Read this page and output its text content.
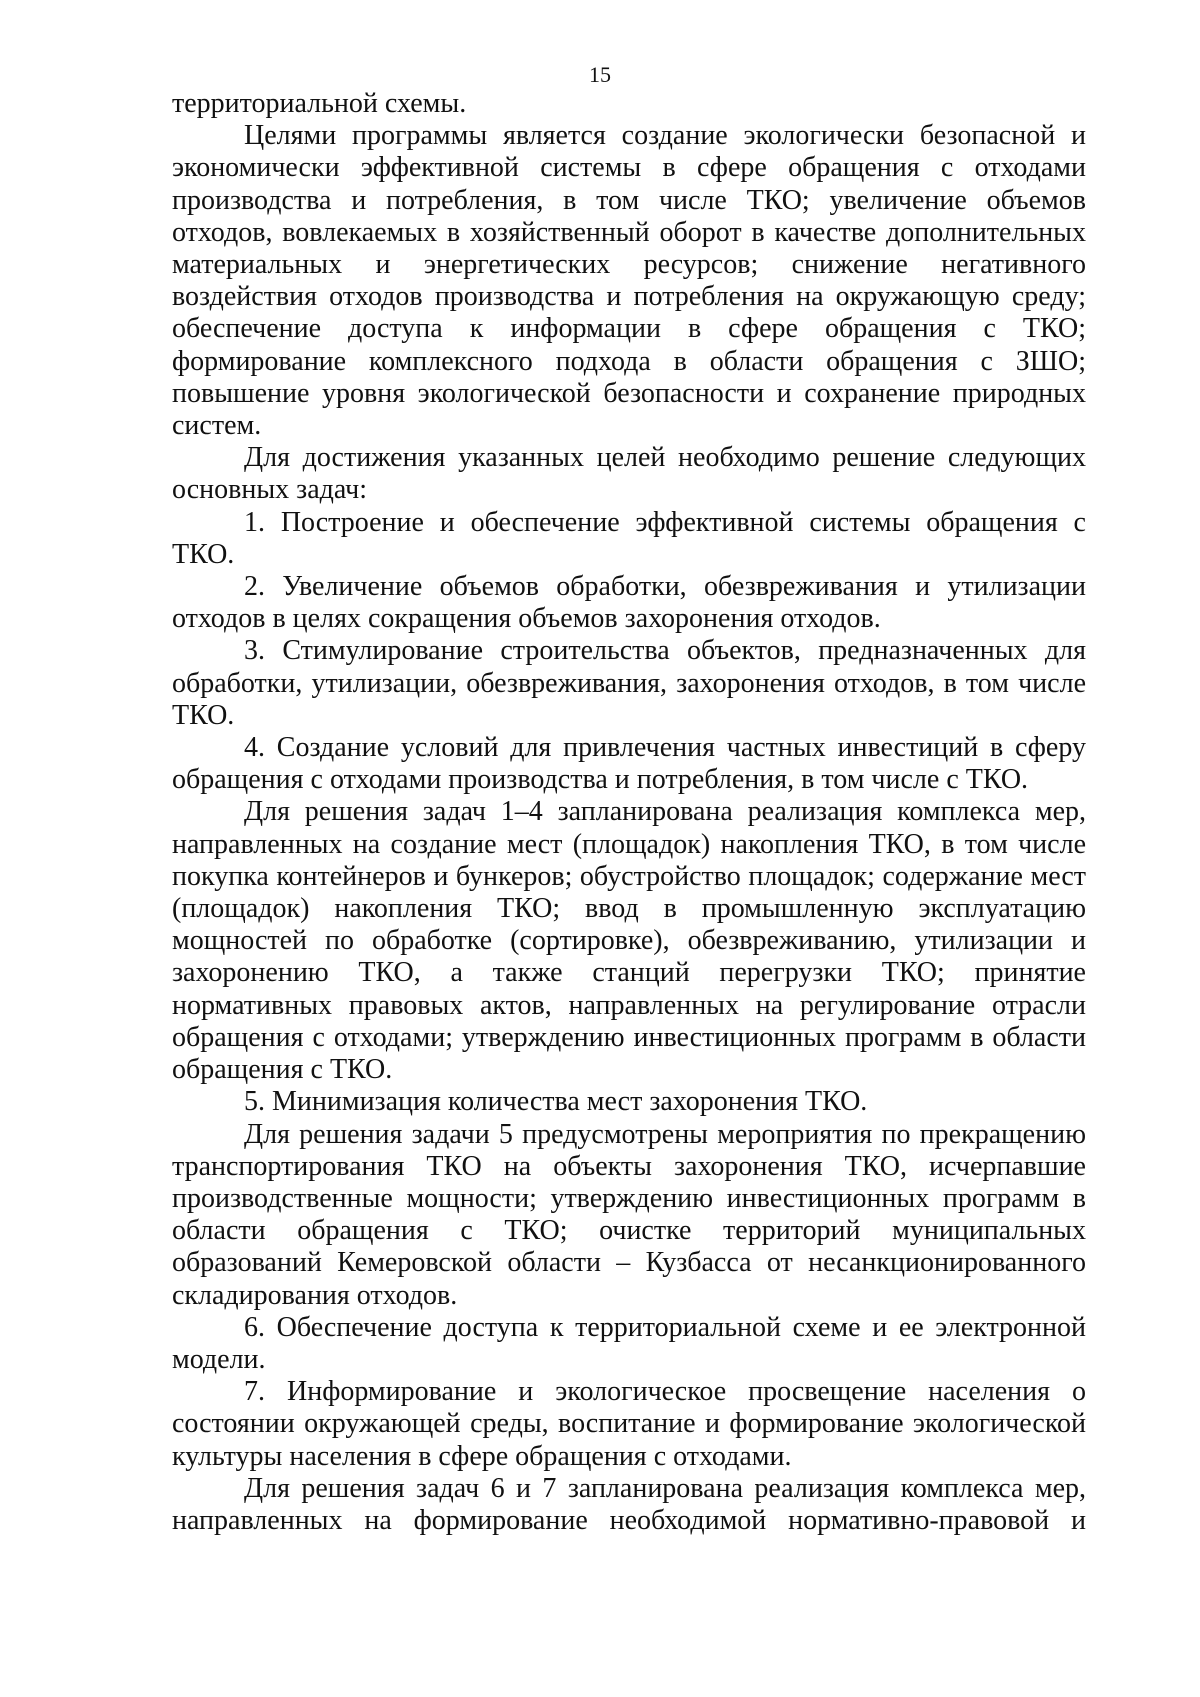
15

территориальной схемы.

Целями программы является создание экологически безопасной и экономически эффективной системы в сфере обращения с отходами производства и потребления, в том числе ТКО; увеличение объемов отходов, вовлекаемых в хозяйственный оборот в качестве дополнительных материальных и энергетических ресурсов; снижение негативного воздействия отходов производства и потребления на окружающую среду; обеспечение доступа к информации в сфере обращения с ТКО; формирование комплексного подхода в области обращения с ЗШО; повышение уровня экологической безопасности и сохранение природных систем.

Для достижения указанных целей необходимо решение следующих основных задач:

1. Построение и обеспечение эффективной системы обращения с ТКО.

2. Увеличение объемов обработки, обезвреживания и утилизации отходов в целях сокращения объемов захоронения отходов.

3. Стимулирование строительства объектов, предназначенных для обработки, утилизации, обезвреживания, захоронения отходов, в том числе ТКО.

4. Создание условий для привлечения частных инвестиций в сферу обращения с отходами производства и потребления, в том числе с ТКО.

Для решения задач 1–4 запланирована реализация комплекса мер, направленных на создание мест (площадок) накопления ТКО, в том числе покупка контейнеров и бункеров; обустройство площадок; содержание мест (площадок) накопления ТКО; ввод в промышленную эксплуатацию мощностей по обработке (сортировке), обезвреживанию, утилизации и захоронению ТКО, а также станций перегрузки ТКО; принятие нормативных правовых актов, направленных на регулирование отрасли обращения с отходами; утверждению инвестиционных программ в области обращения с ТКО.

5. Минимизация количества мест захоронения ТКО.

Для решения задачи 5 предусмотрены мероприятия по прекращению транспортирования ТКО на объекты захоронения ТКО, исчерпавшие производственные мощности; утверждению инвестиционных программ в области обращения с ТКО; очистке территорий муниципальных образований Кемеровской области – Кузбасса от несанкционированного складирования отходов.

6. Обеспечение доступа к территориальной схеме и ее электронной модели.

7. Информирование и экологическое просвещение населения о состоянии окружающей среды, воспитание и формирование экологической культуры населения в сфере обращения с отходами.

Для решения задач 6 и 7 запланирована реализация комплекса мер, направленных на формирование необходимой нормативно-правовой и
